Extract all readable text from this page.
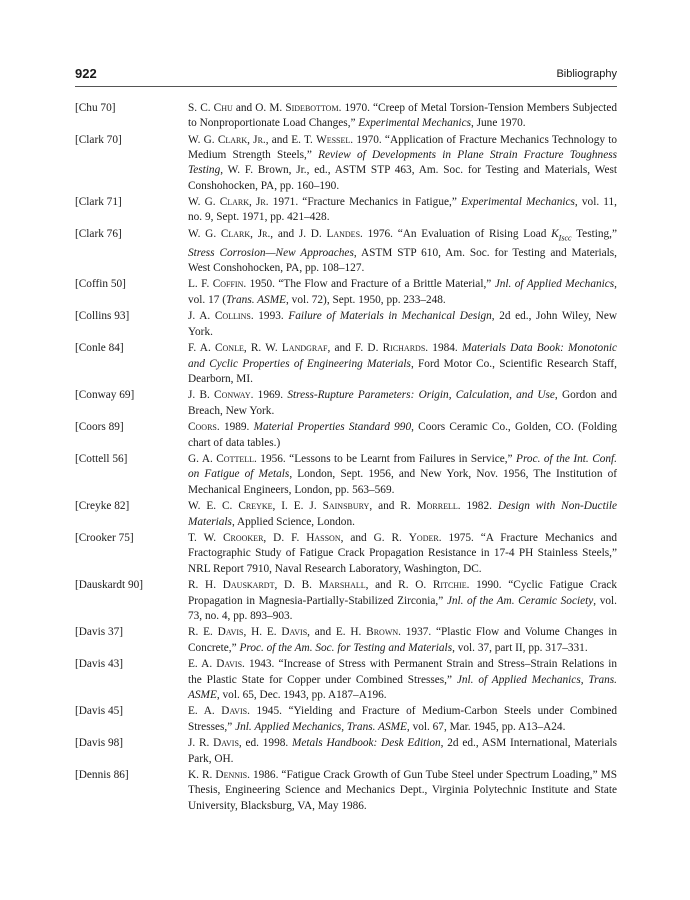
922	Bibliography
[Chu 70]	S. C. Chu and O. M. Sidebottom. 1970. “Creep of Metal Torsion-Tension Members Subjected to Nonproportionate Load Changes,” Experimental Mechanics, June 1970.
[Clark 70]	W. G. Clark, Jr., and E. T. Wessel. 1970. “Application of Fracture Mechanics Technology to Medium Strength Steels,” Review of Developments in Plane Strain Fracture Toughness Testing, W. F. Brown, Jr., ed., ASTM STP 463, Am. Soc. for Testing and Materials, West Conshohocken, PA, pp. 160–190.
[Clark 71]	W. G. Clark, Jr. 1971. “Fracture Mechanics in Fatigue,” Experimental Mechanics, vol. 11, no. 9, Sept. 1971, pp. 421–428.
[Clark 76]	W. G. Clark, Jr., and J. D. Landes. 1976. “An Evaluation of Rising Load $K_{Iscc}$ Testing,” Stress Corrosion—New Approaches, ASTM STP 610, Am. Soc. for Testing and Materials, West Conshohocken, PA, pp. 108–127.
[Coffin 50]	L. F. Coffin. 1950. “The Flow and Fracture of a Brittle Material,” Jnl. of Applied Mechanics, vol. 17 (Trans. ASME, vol. 72), Sept. 1950, pp. 233–248.
[Collins 93]	J. A. Collins. 1993. Failure of Materials in Mechanical Design, 2d ed., John Wiley, New York.
[Conle 84]	F. A. Conle, R. W. Landgraf, and F. D. Richards. 1984. Materials Data Book: Monotonic and Cyclic Properties of Engineering Materials, Ford Motor Co., Scientific Research Staff, Dearborn, MI.
[Conway 69]	J. B. Conway. 1969. Stress-Rupture Parameters: Origin, Calculation, and Use, Gordon and Breach, New York.
[Coors 89]	Coors. 1989. Material Properties Standard 990, Coors Ceramic Co., Golden, CO. (Folding chart of data tables.)
[Cottell 56]	G. A. Cottell. 1956. “Lessons to be Learnt from Failures in Service,” Proc. of the Int. Conf. on Fatigue of Metals, London, Sept. 1956, and New York, Nov. 1956, The Institution of Mechanical Engineers, London, pp. 563–569.
[Creyke 82]	W. E. C. Creyke, I. E. J. Sainsbury, and R. Morrell. 1982. Design with Non-Ductile Materials, Applied Science, London.
[Crooker 75]	T. W. Crooker, D. F. Hasson, and G. R. Yoder. 1975. “A Fracture Mechanics and Fractographic Study of Fatigue Crack Propagation Resistance in 17-4 PH Stainless Steels,” NRL Report 7910, Naval Research Laboratory, Washington, DC.
[Dauskardt 90]	R. H. Dauskardt, D. B. Marshall, and R. O. Ritchie. 1990. “Cyclic Fatigue Crack Propagation in Magnesia-Partially-Stabilized Zirconia,” Jnl. of the Am. Ceramic Society, vol. 73, no. 4, pp. 893–903.
[Davis 37]	R. E. Davis, H. E. Davis, and E. H. Brown. 1937. “Plastic Flow and Volume Changes in Concrete,” Proc. of the Am. Soc. for Testing and Materials, vol. 37, part II, pp. 317–331.
[Davis 43]	E. A. Davis. 1943. “Increase of Stress with Permanent Strain and Stress–Strain Relations in the Plastic State for Copper under Combined Stresses,” Jnl. of Applied Mechanics, Trans. ASME, vol. 65, Dec. 1943, pp. A187–A196.
[Davis 45]	E. A. Davis. 1945. “Yielding and Fracture of Medium-Carbon Steels under Combined Stresses,” Jnl. Applied Mechanics, Trans. ASME, vol. 67, Mar. 1945, pp. A13–A24.
[Davis 98]	J. R. Davis, ed. 1998. Metals Handbook: Desk Edition, 2d ed., ASM International, Materials Park, OH.
[Dennis 86]	K. R. Dennis. 1986. “Fatigue Crack Growth of Gun Tube Steel under Spectrum Loading,” MS Thesis, Engineering Science and Mechanics Dept., Virginia Polytechnic Institute and State University, Blacksburg, VA, May 1986.
